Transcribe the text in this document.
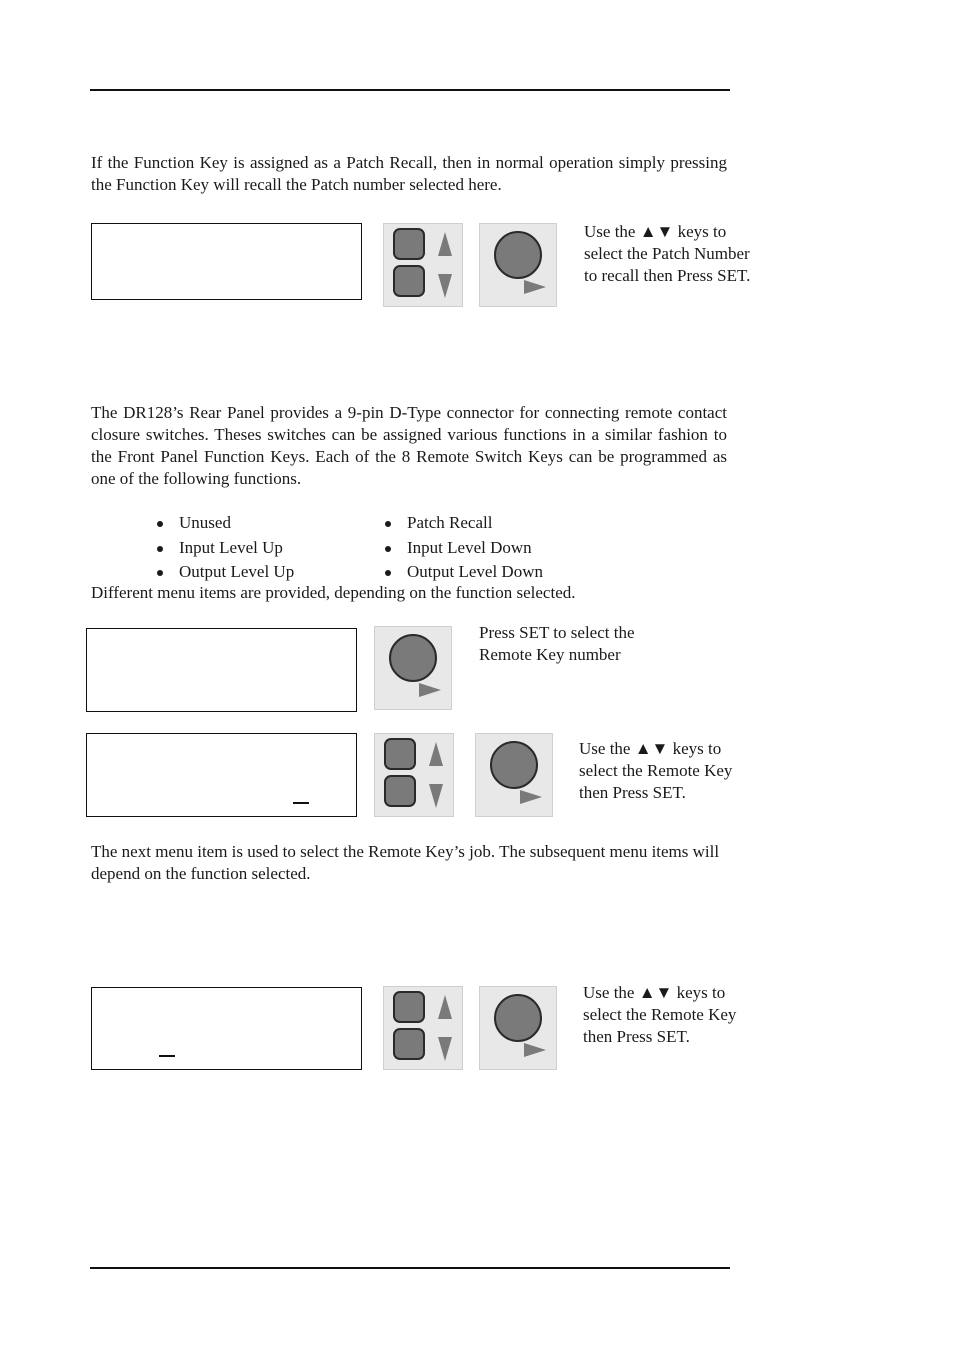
If the Function Key is assigned as a Patch Recall, then in normal operation simply pressing the Function Key will recall the Patch number selected here.

Use the ▲▼ keys to select the Patch Number to recall then Press SET.

The DR128’s Rear Panel provides a 9-pin D-Type connector for connecting remote contact closure switches. Theses switches can be assigned various functions in a similar fashion to the Front Panel Function Keys. Each of the 8 Remote Switch Keys can be programmed as one of the following functions.

Unused
Input Level Up
Output Level Up
Patch Recall
Input Level Down
Output Level Down

Different menu items are provided, depending on the function selected.

Press SET to select the Remote Key number

Use the ▲▼ keys to select the Remote Key then Press SET.

The next menu item is used to select the Remote Key’s job. The subsequent menu items will depend on the function selected.

Use the ▲▼ keys to select the Remote Key then Press SET.
